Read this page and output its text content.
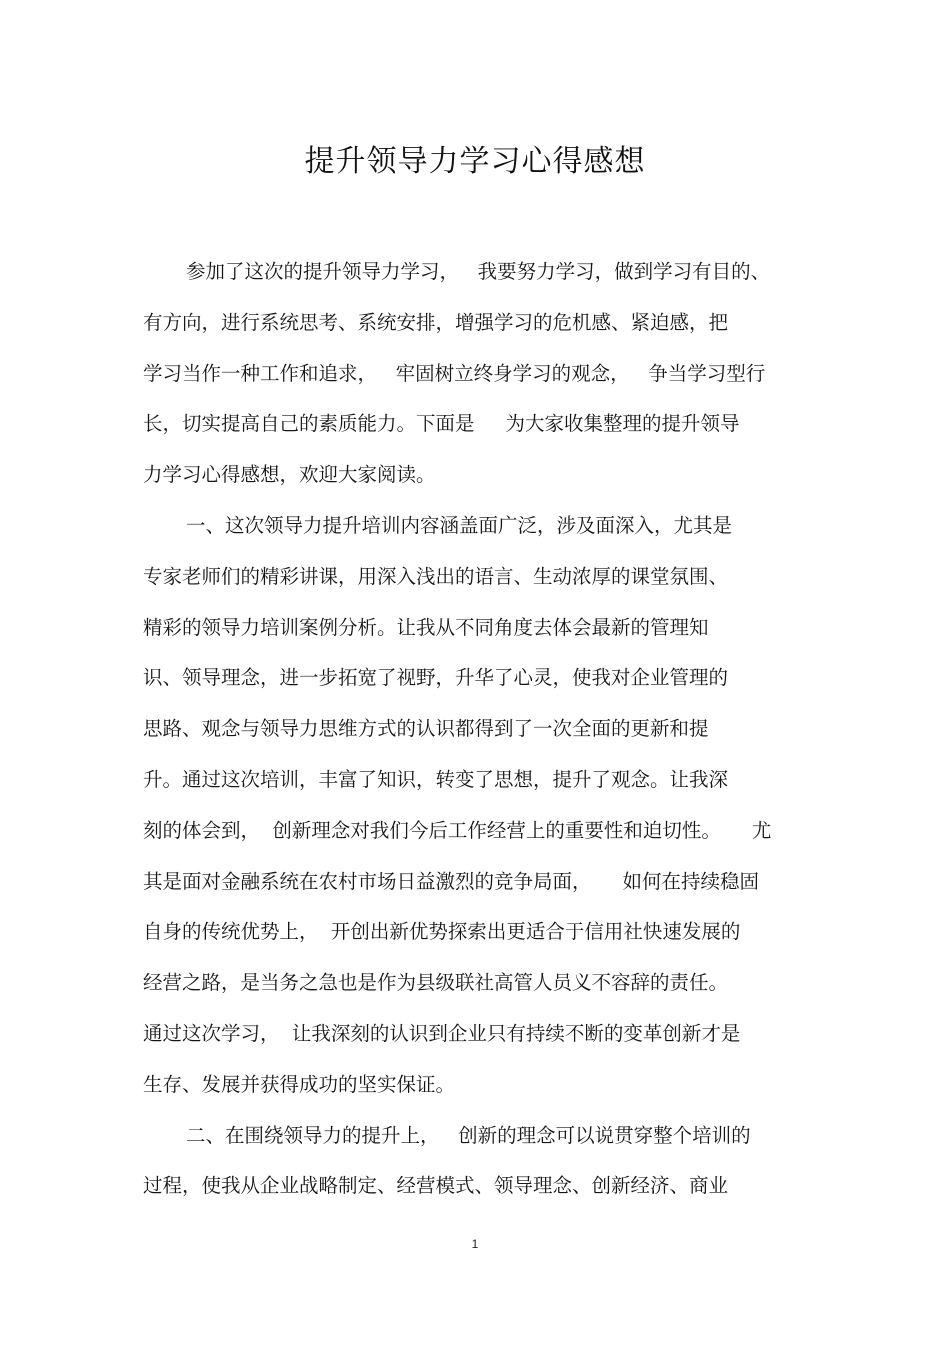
提升领导力学习心得感想
参加了这次的提升领导力学习，   我要努力学习，做到学习有目的、
有方向，进行系统思考、系统安排，增强学习的危机感、紧迫感，把
学习当作一种工作和追求，   牢固树立终身学习的观念，   争当学习型行
长，切实提高自己的素质能力。下面是     为大家收集整理的提升领导
力学习心得感想，欢迎大家阅读。
一、这次领导力提升培训内容涵盖面广泛，涉及面深入，尤其是
专家老师们的精彩讲课，用深入浅出的语言、生动浓厚的课堂氛围、
精彩的领导力培训案例分析。让我从不同角度去体会最新的管理知
识、领导理念，进一步拓宽了视野，升华了心灵，使我对企业管理的
思路、观念与领导力思维方式的认识都得到了一次全面的更新和提
升。通过这次培训，丰富了知识，转变了思想，提升了观念。让我深
刻的体会到，  创新理念对我们今后工作经营上的重要性和迫切性。     尤
其是面对金融系统在农村市场日益激烈的竞争局面，     如何在持续稳固
自身的传统优势上，  开创出新优势探索出更适合于信用社快速发展的
经营之路，是当务之急也是作为县级联社高管人员义不容辞的责任。
通过这次学习，  让我深刻的认识到企业只有持续不断的变革创新才是
生存、发展并获得成功的坚实保证。
二、在围绕领导力的提升上，   创新的理念可以说贯穿整个培训的
过程，使我从企业战略制定、经营模式、领导理念、创新经济、商业
1
